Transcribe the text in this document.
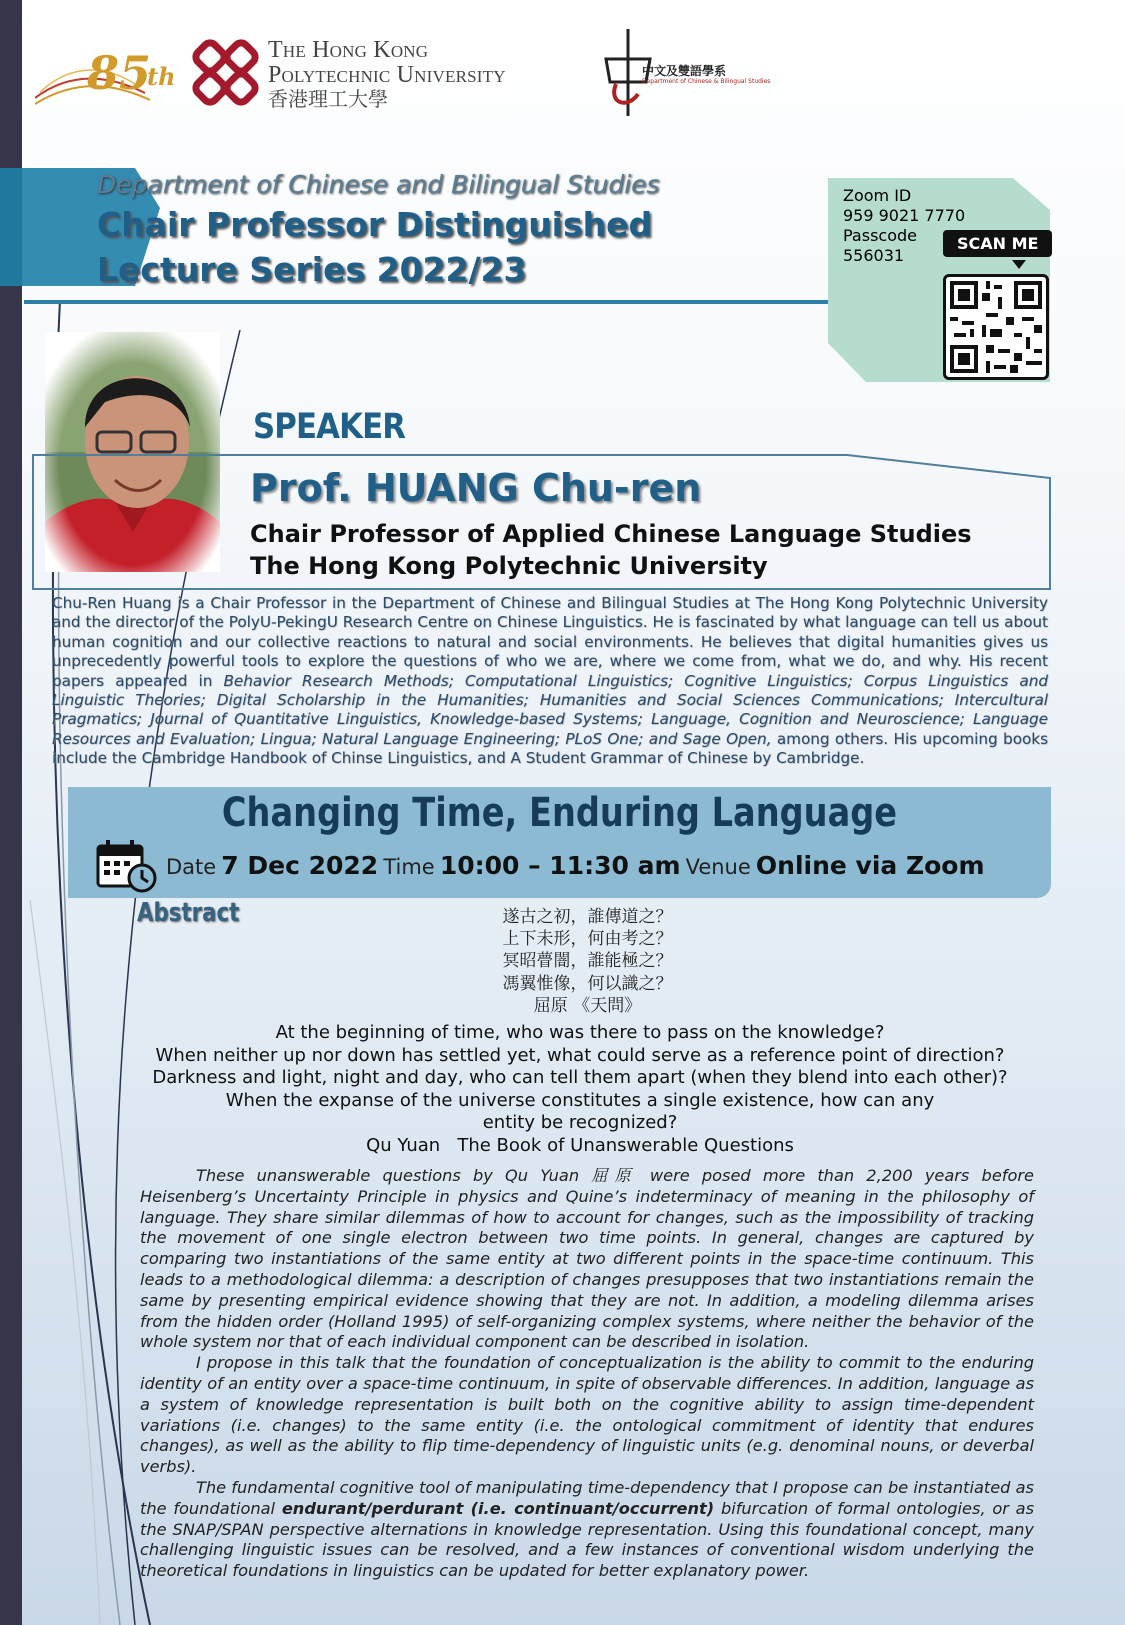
85
th
The Hong Kong
Polytechnic University
香港理工大學
中文及雙語學系
Department of Chinese & Bilingual Studies
Department of Chinese and Bilingual Studies
Chair Professor Distinguished
Lecture Series 2022/23
Zoom ID
959 9021 7770
Passcode
556031
SCAN ME
SPEAKER
Prof. HUANG Chu-ren
Chair Professor of Applied Chinese Language Studies
The Hong Kong Polytechnic University
Chu-Ren Huang is a Chair Professor in the Department of Chinese and Bilingual Studies at The Hong Kong Polytechnic University and the director of the PolyU-PekingU Research Centre on Chinese Linguistics. He is fascinated by what language can tell us about human cognition and our collective reactions to natural and social environments. He believes that digital humanities gives us unprecedently powerful tools to explore the questions of who we are, where we come from, what we do, and why. His recent papers appeared in Behavior Research Methods; Computational Linguistics; Cognitive Linguistics; Corpus Linguistics and Linguistic Theories; Digital Scholarship in the Humanities; Humanities and Social Sciences Communications; Intercultural Pragmatics; Journal of Quantitative Linguistics, Knowledge-based Systems; Language, Cognition and Neuroscience; Language Resources and Evaluation; Lingua; Natural Language Engineering; PLoS One; and Sage Open, among others. His upcoming books include the Cambridge Handbook of Chinse Linguistics, and A Student Grammar of Chinese by Cambridge.
Changing Time, Enduring Language
Date 7 Dec 2022 Time 10:00 – 11:30 am Venue Online via Zoom
Abstract	遂古之初，誰傳道之？
上下未形，何由考之？
冥昭瞢闇，誰能極之？
馮翼惟像，何以識之？
屈原 《天問》
At the beginning of time, who was there to pass on the knowledge?
When neither up nor down has settled yet, what could serve as a reference point of direction?
Darkness and light, night and day, who can tell them apart (when they blend into each other)?
When the expanse of the universe constitutes a single existence, how can any entity be recognized?
Qu Yuan   The Book of Unanswerable Questions

These unanswerable questions by Qu Yuan 屈原 were posed more than 2,200 years before Heisenberg’s Uncertainty Principle in physics and Quine’s indeterminacy of meaning in the philosophy of language. They share similar dilemmas of how to account for changes, such as the impossibility of tracking the movement of one single electron between two time points. In general, changes are captured by comparing two instantiations of the same entity at two different points in the space-time continuum. This leads to a methodological dilemma: a description of changes presupposes that two instantiations remain the same by presenting empirical evidence showing that they are not. In addition, a modeling dilemma arises from the hidden order (Holland 1995) of self-organizing complex systems, where neither the behavior of the whole system nor that of each individual component can be described in isolation.

I propose in this talk that the foundation of conceptualization is the ability to commit to the enduring identity of an entity over a space-time continuum, in spite of observable differences. In addition, language as a system of knowledge representation is built both on the cognitive ability to assign time-dependent variations (i.e. changes) to the same entity (i.e. the ontological commitment of identity that endures changes), as well as the ability to flip time-dependency of linguistic units (e.g. denominal nouns, or deverbal verbs).

The fundamental cognitive tool of manipulating time-dependency that I propose can be instantiated as the foundational endurant/perdurant (i.e. continuant/occurrent) bifurcation of formal ontologies, or as the SNAP/SPAN perspective alternations in knowledge representation. Using this foundational concept, many challenging linguistic issues can be resolved, and a few instances of conventional wisdom underlying the theoretical foundations in linguistics can be updated for better explanatory power.
